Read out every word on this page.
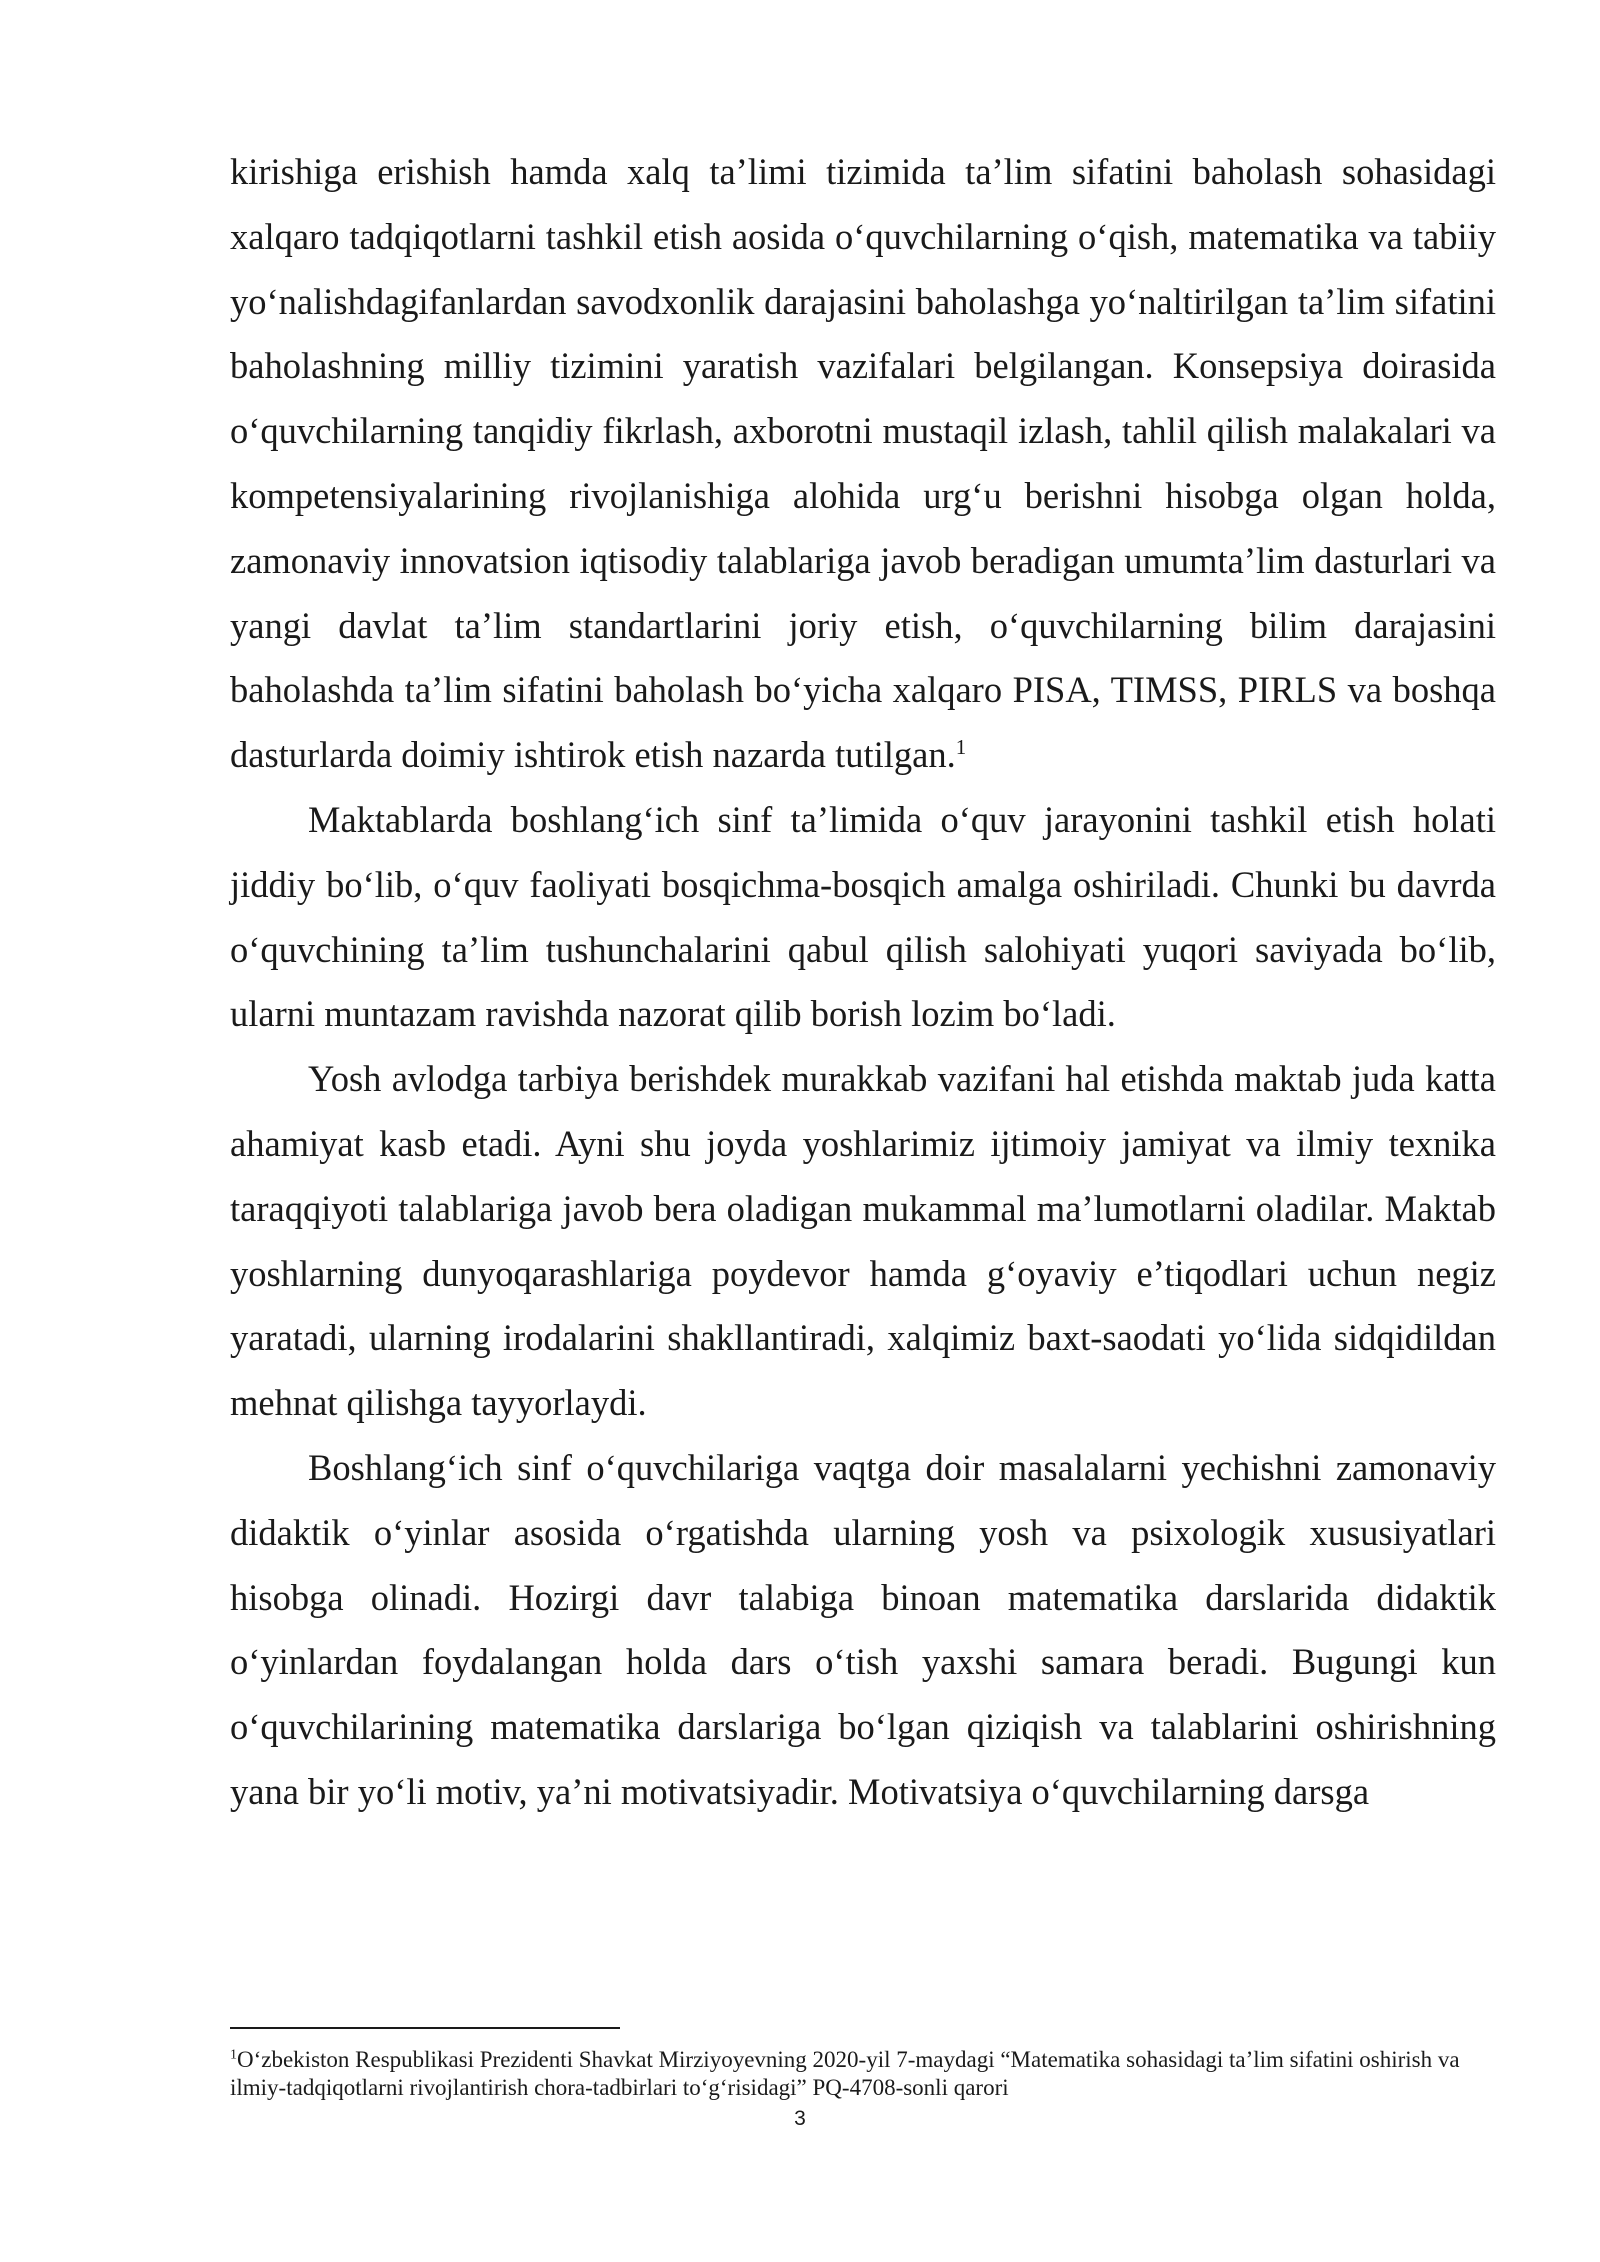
kirishiga erishish hamda xalq ta’limi tizimida ta’lim sifatini baholash sohasidagi xalqaro tadqiqotlarni tashkil etish aosida o‘quvchilarning o‘qish, matematika va tabiiy yo‘nalishdagifanlardan savodxonlik darajasini baholashga yo‘naltirilgan ta’lim sifatini baholashning milliy tizimini yaratish vazifalari belgilangan. Konsepsiya doirasida o‘quvchilarning tanqidiy fikrlash, axborotni mustaqil izlash, tahlil qilish malakalari va kompetensiyalarining rivojlanishiga alohida urg‘u berishni hisobga olgan holda, zamonaviy innovatsion iqtisodiy talablariga javob beradigan umumta’lim dasturlari va yangi davlat ta’lim standartlarini joriy etish, o‘quvchilarning bilim darajasini baholashda ta’lim sifatini baholash bo‘yicha xalqaro PISA, TIMSS, PIRLS va boshqa dasturlarda doimiy ishtirok etish nazarda tutilgan.$^1$

Maktablarda boshlang‘ich sinf ta’limida o‘quv jarayonini tashkil etish holati jiddiy bo‘lib, o‘quv faoliyati bosqichma-bosqich amalga oshiriladi. Chunki bu davrda o‘quvchining ta’lim tushunchalarini qabul qilish salohiyati yuqori saviyada bo‘lib, ularni muntazam ravishda nazorat qilib borish lozim bo‘ladi.

Yosh avlodga tarbiya berishdek murakkab vazifani hal etishda maktab juda katta ahamiyat kasb etadi. Ayni shu joyda yoshlarimiz ijtimoiy jamiyat va ilmiy texnika taraqqiyoti talablariga javob bera oladigan mukammal ma’lumotlarni oladilar. Maktab yoshlarning dunyoqarashlariga poydevor hamda g‘oyaviy e’tiqodlari uchun negiz yaratadi, ularning irodalarini shakllantiradi, xalqimiz baxt-saodati yo‘lida sidqidildan mehnat qilishga tayyorlaydi.

Boshlang‘ich sinf o‘quvchilariga vaqtga doir masalalarni yechishni zamonaviy didaktik o‘yinlar asosida o‘rgatishda ularning yosh va psixologik xususiyatlari hisobga olinadi. Hozirgi davr talabiga binoan matematika darslarida didaktik o‘yinlardan foydalangan holda dars o‘tish yaxshi samara beradi. Bugungi kun o‘quvchilarining matematika darslariga bo‘lgan qiziqish va talablarini oshirishning yana bir yo‘li motiv, ya’ni motivatsiyadir. Motivatsiya o‘quvchilarning darsga

$^1$O‘zbekiston Respublikasi Prezidenti Shavkat Mirziyoyevning 2020-yil 7-maydagi “Matematika sohasidagi ta’lim sifatini oshirish va ilmiy-tadqiqotlarni rivojlantirish chora-tadbirlari to‘g‘risidagi” PQ-4708-sonli qarori

3
